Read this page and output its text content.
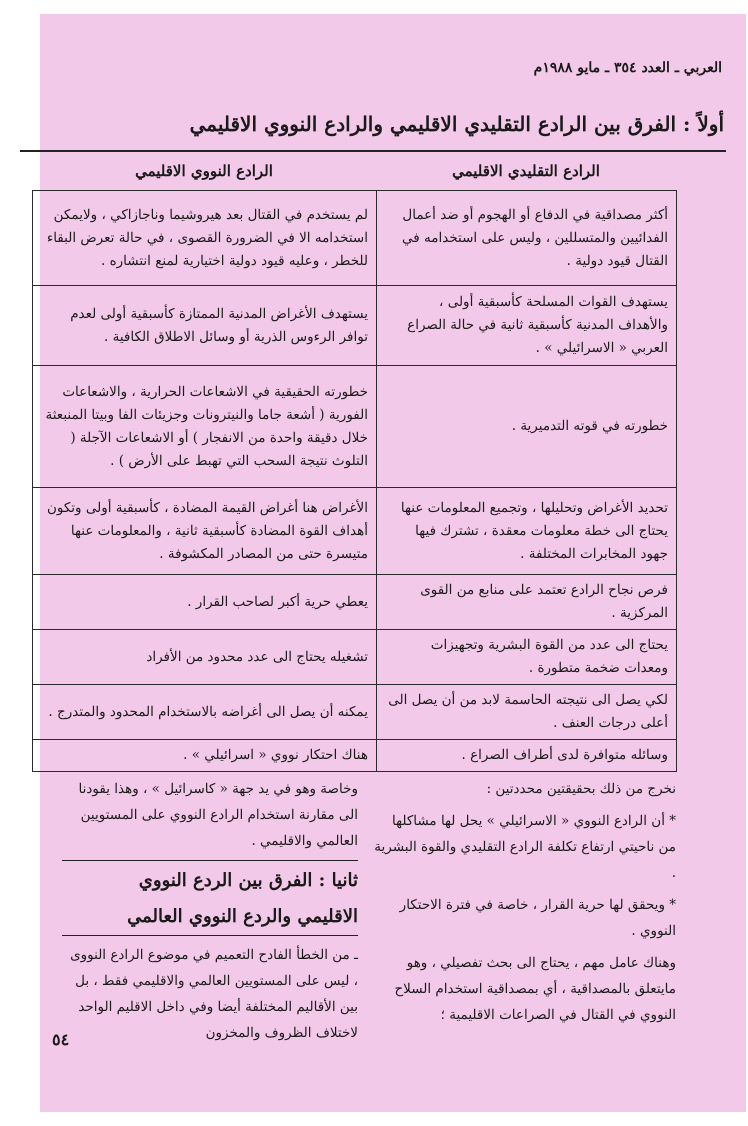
العربي ـ العدد ٣٥٤ ـ مايو ١٩٨٨م
أولاً : الفرق بين الرادع التقليدي الاقليمي والرادع النووي الاقليمي
الرادع التقليدي الاقليمي
الرادع النووي الاقليمي
أكثر مصداقية في الدفاع أو الهجوم أو ضد أعمال الفدائيين والمتسللين ، وليس على استخدامه في القتال قيود دولية .	لم يستخدم في القتال بعد هيروشيما وناجازاكي ، ولايمكن استخدامه الا في الضرورة القصوى ، في حالة تعرض البقاء للخطر ، وعليه قيود دولية اختيارية لمنع انتشاره .
يستهدف القوات المسلحة كأسبقية أولى ، والأهداف المدنية كأسبقية ثانية في حالة الصراع العربي « الاسرائيلي » .	يستهدف الأغراض المدنية الممتازة كأسبقية أولى لعدم توافر الرءوس الذرية أو وسائل الاطلاق الكافية .
خطورته في قوته التدميرية .	خطورته الحقيقية في الاشعاعات الحرارية ، والاشعاعات الفورية ( أشعة جاما والنيترونات وجزيئات الفا وبيتا المنبعثة خلال دقيقة واحدة من الانفجار ) أو الاشعاعات الآجلة ( التلوث نتيجة السحب التي تهبط على الأرض ) .
تحديد الأغراض وتحليلها ، وتجميع المعلومات عنها يحتاج الى خطة معلومات معقدة ، تشترك فيها جهود المخابرات المختلفة .	الأغراض هنا أغراض القيمة المضادة ، كأسبقية أولى وتكون أهداف القوة المضادة كأسبقية ثانية ، والمعلومات عنها متيسرة حتى من المصادر المكشوفة .
فرص نجاح الرادع تعتمد على منابع من القوى المركزية .	يعطي حرية أكبر لصاحب القرار .
يحتاج الى عدد من القوة البشرية وتجهيزات ومعدات ضخمة متطورة .	تشغيله يحتاج الى عدد محدود من الأفراد
لكي يصل الى نتيجته الحاسمة لابد من أن يصل الى أعلى درجات العنف .	يمكنه أن يصل الى أغراضه بالاستخدام المحدود والمتدرج .
وسائله متوافرة لدى أطراف الصراع .	هناك احتكار نووي « اسرائيلي » .

نخرج من ذلك بحقيقتين محددتين :

* أن الرادع النووي « الاسرائيلي » يحل لها مشاكلها من ناحيتي ارتفاع تكلفة الرادع التقليدي والقوة البشرية .

* ويحقق لها حرية القرار ، خاصة في فترة الاحتكار النووي .

وهناك عامل مهم ، يحتاج الى بحث تفصيلي ، وهو مايتعلق بالمصداقية ، أي بمصداقية استخدام السلاح النووي في القتال في الصراعات الاقليمية ؛

وخاصة وهو في يد جهة « كاسرائيل » ، وهذا يقودنا الى مقارنة استخدام الرادع النووي على المستويين العالمي والاقليمي .

ثانيا : الفرق بين الردع النووي
الاقليمي والردع النووي العالمي

ـ من الخطأ الفادح التعميم في موضوع الرادع النووى ، ليس على المستويين العالمي والاقليمي فقط ، بل بين الأقاليم المختلفة أيضا وفي داخل الاقليم الواحد لاختلاف الظروف والمخزون

٥٤
